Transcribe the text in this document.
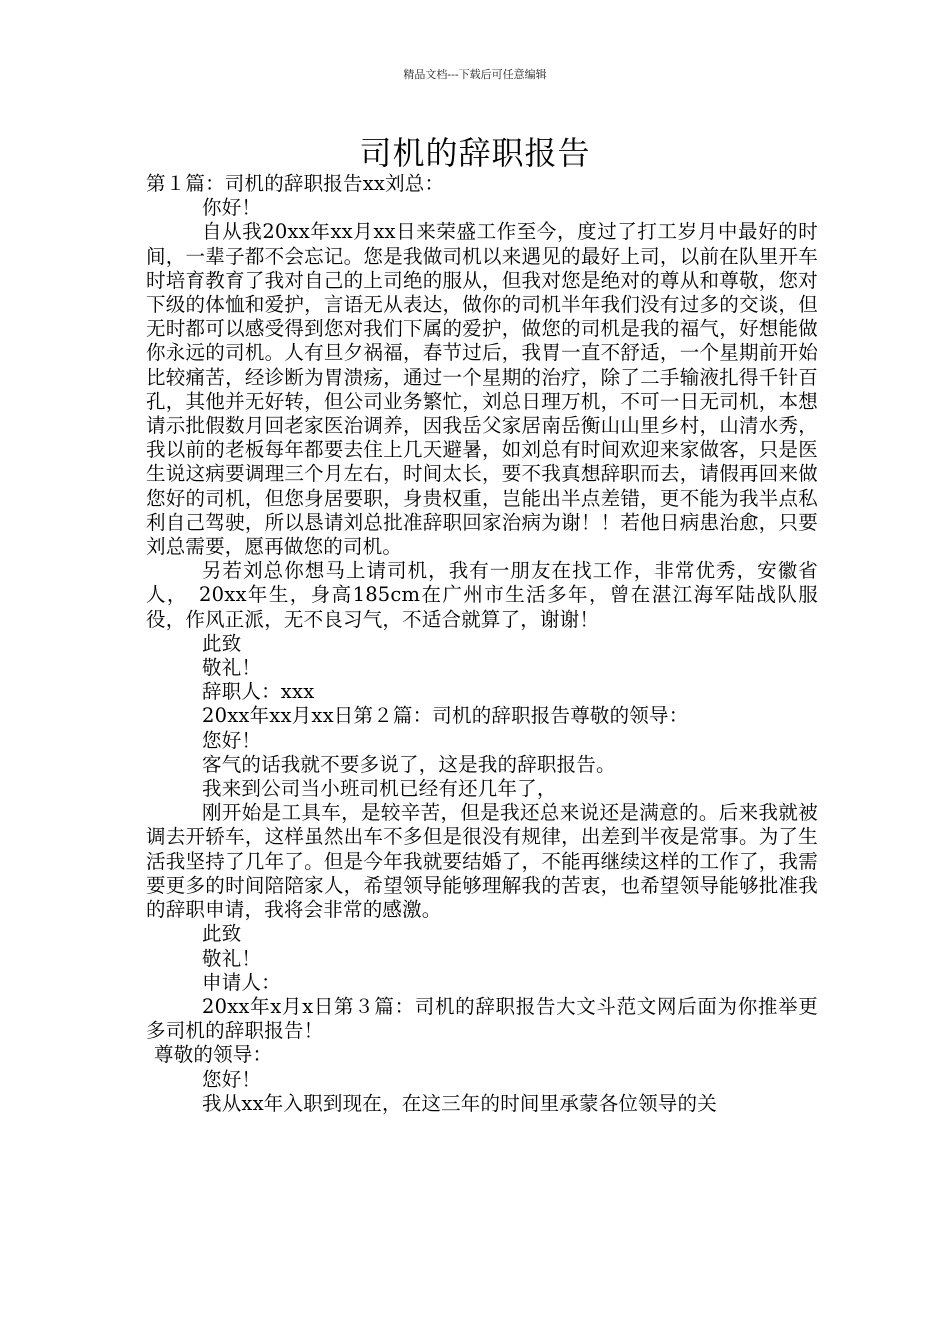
精品文档---下载后可任意编辑
司机的辞职报告

第１篇：司机的辞职报告xx刘总：

你好！

自从我20xx年xx月xx日来荣盛工作至今，度过了打工岁月中最好的时间，一辈子都不会忘记。您是我做司机以来遇见的最好上司，以前在队里开车时培育教育了我对自己的上司绝的服从，但我对您是绝对的尊从和尊敬，您对下级的体恤和爱护，言语无从表达，做你的司机半年我们没有过多的交谈，但无时都可以感受得到您对我们下属的爱护，做您的司机是我的福气，好想能做你永远的司机。人有旦夕祸福，春节过后，我胃一直不舒适，一个星期前开始比较痛苦，经诊断为胃溃疡，通过一个星期的治疗，除了二手输液扎得千针百孔，其他并无好转，但公司业务繁忙，刘总日理万机，不可一日无司机，本想请示批假数月回老家医治调养，因我岳父家居南岳衡山山里乡村，山清水秀，我以前的老板每年都要去住上几天避暑，如刘总有时间欢迎来家做客，只是医生说这病要调理三个月左右，时间太长，要不我真想辞职而去，请假再回来做您好的司机，但您身居要职，身贵权重，岂能出半点差错，更不能为我半点私利自己驾驶，所以恳请刘总批准辞职回家治病为谢！！若他日病患治愈，只要刘总需要，愿再做您的司机。

另若刘总你想马上请司机，我有一朋友在找工作，非常优秀，安徽省人，　20xx年生，身高185cm在广州市生活多年，曾在湛江海军陆战队服役，作风正派，无不良习气，不适合就算了，谢谢！

此致

敬礼！

辞职人：xxx

20xx年xx月xx日第２篇：司机的辞职报告尊敬的领导：

您好！

客气的话我就不要多说了，这是我的辞职报告。

我来到公司当小班司机已经有还几年了，

刚开始是工具车，是较辛苦，但是我还总来说还是满意的。后来我就被调去开轿车，这样虽然出车不多但是很没有规律，出差到半夜是常事。为了生活我坚持了几年了。但是今年我就要结婚了，不能再继续这样的工作了，我需要更多的时间陪陪家人，希望领导能够理解我的苦衷，也希望领导能够批准我的辞职申请，我将会非常的感激。

此致

敬礼！

申请人：

20xx年x月x日第３篇：司机的辞职报告大文斗范文网后面为你推举更多司机的辞职报告！

尊敬的领导：

您好！

我从xx年入职到现在，在这三年的时间里承蒙各位领导的关
